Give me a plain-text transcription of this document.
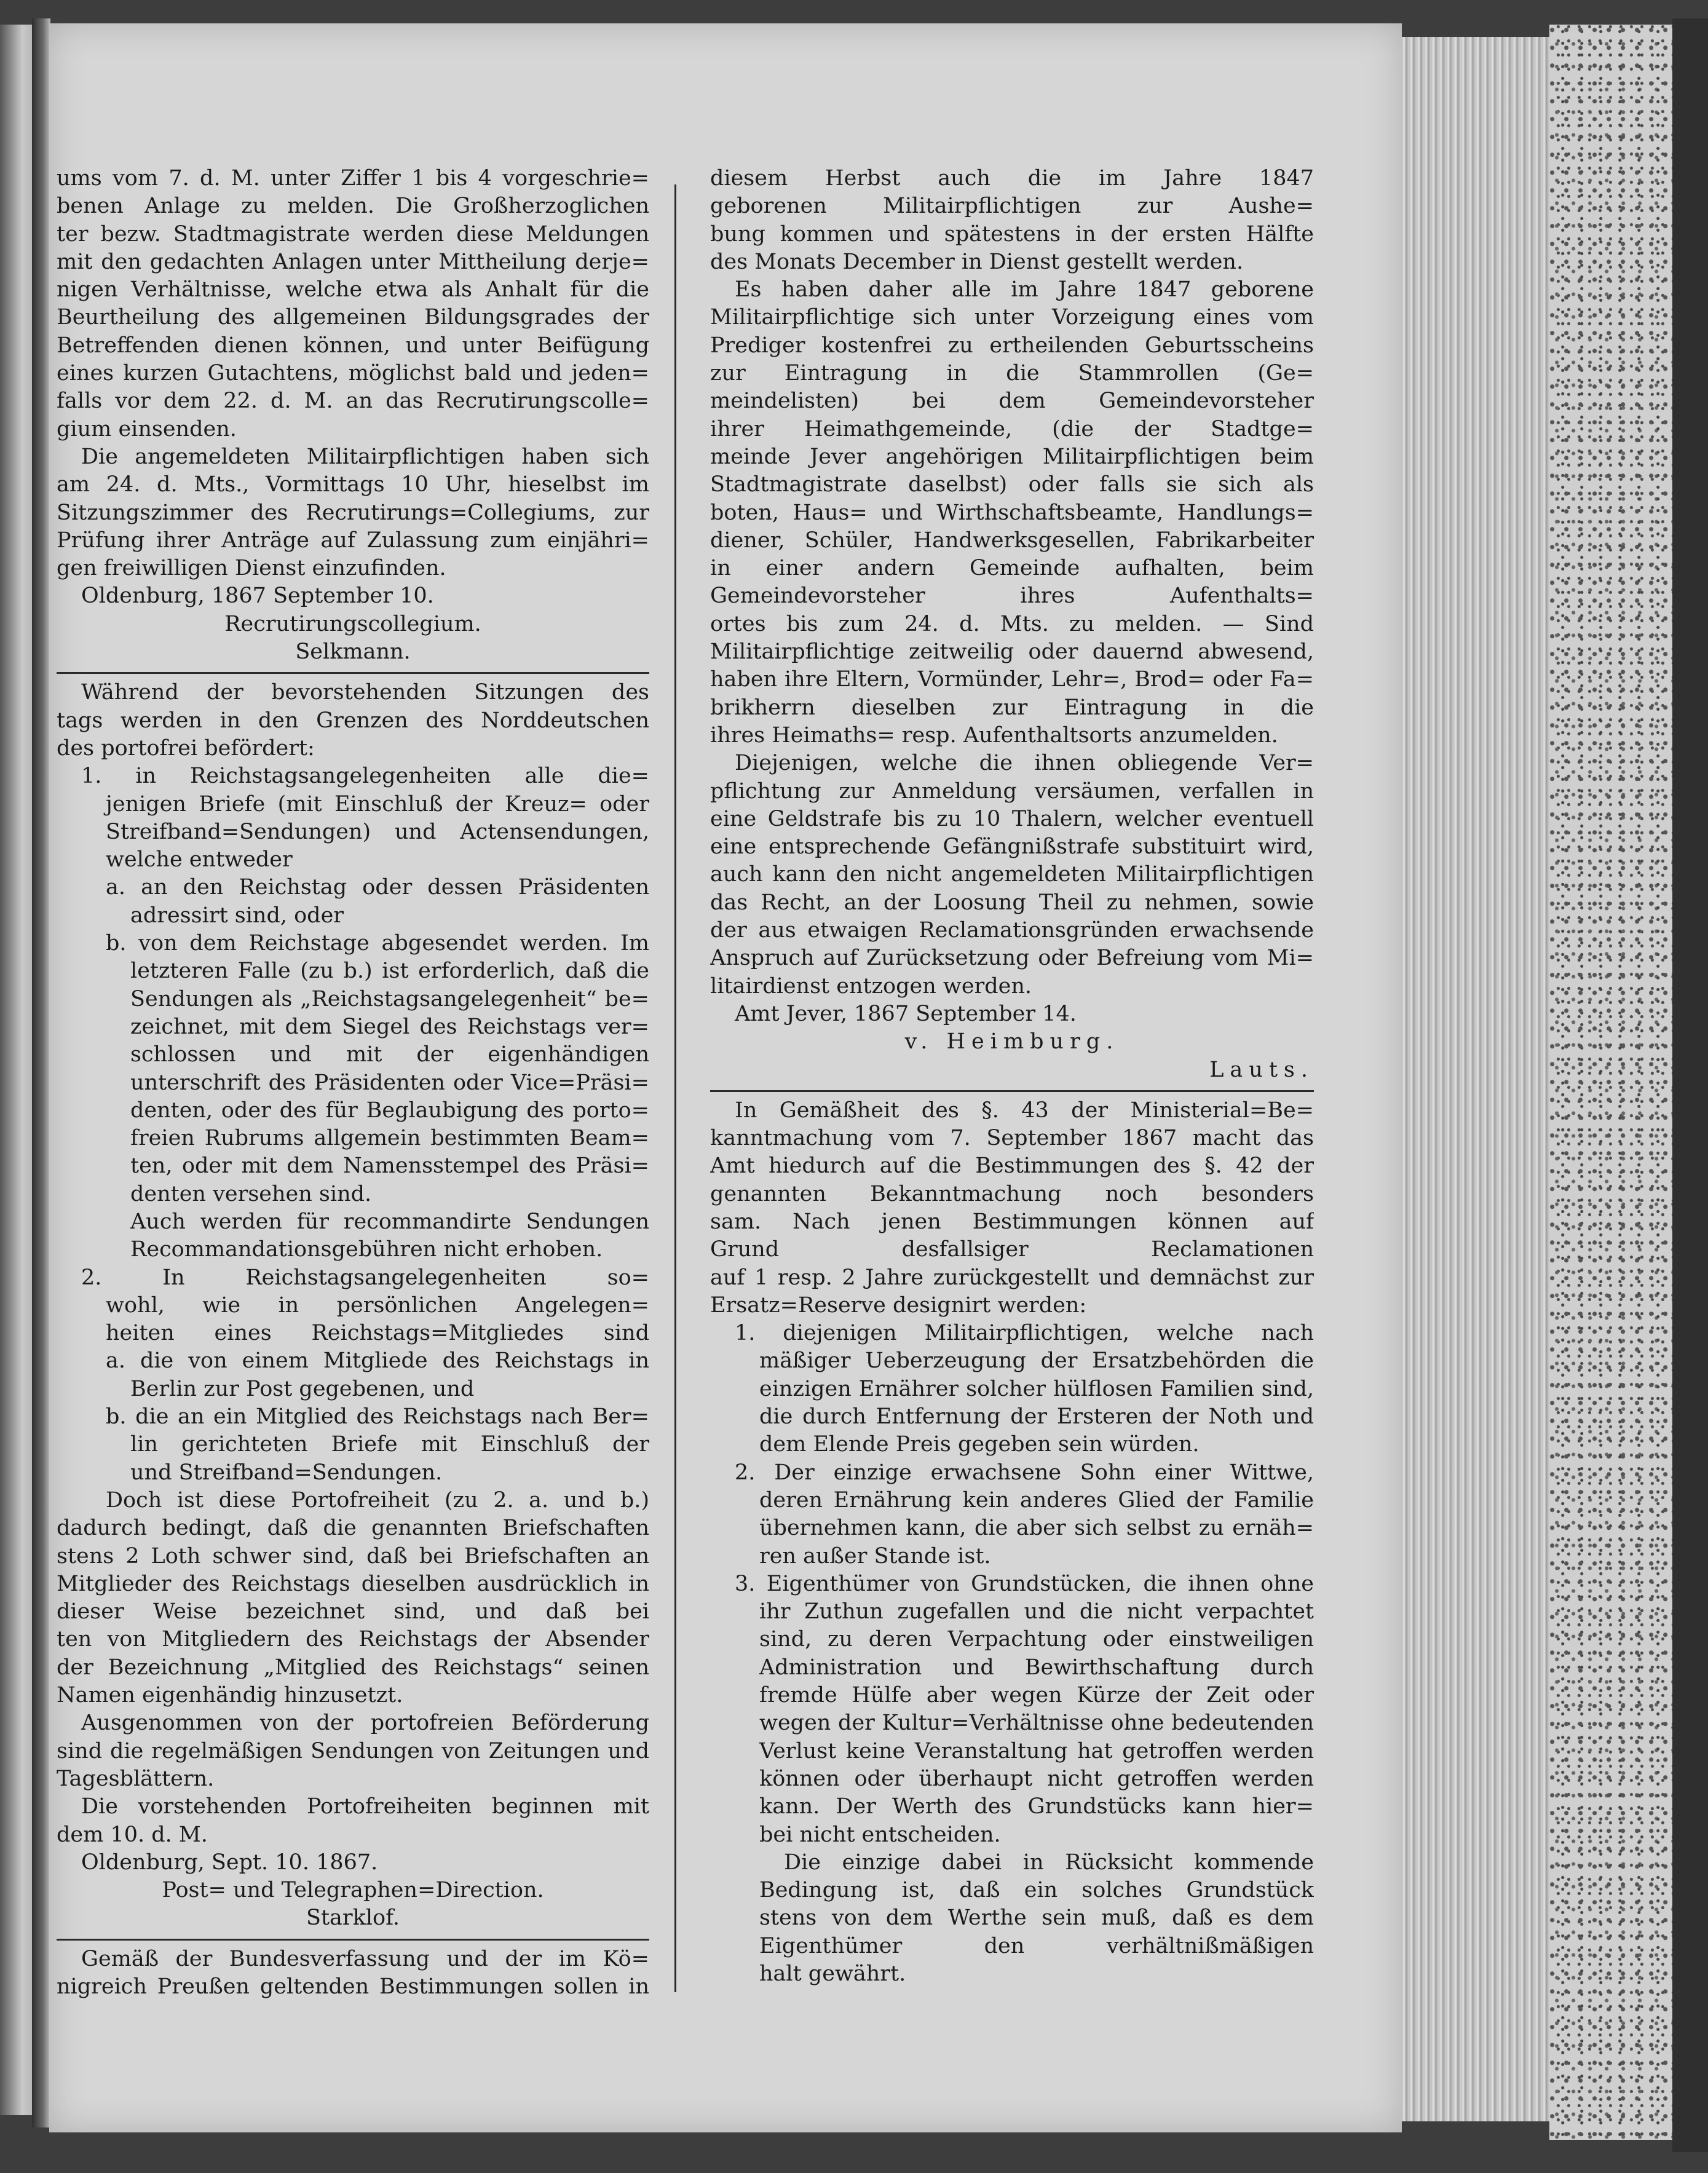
ums vom 7. d. M. unter Ziffer 1 bis 4 vorgeschrie=
benen Anlage zu melden. Die Großherzoglichen
ter bezw. Stadtmagistrate werden diese Meldungen
mit den gedachten Anlagen unter Mittheilung derje=
nigen Verhältnisse, welche etwa als Anhalt für die
Beurtheilung des allgemeinen Bildungsgrades der
Betreffenden dienen können, und unter Beifügung
eines kurzen Gutachtens, möglichst bald und jeden=
falls vor dem 22. d. M. an das Recrutirungscolle=
gium einsenden.
Die angemeldeten Militairpflichtigen haben sich
am 24. d. Mts., Vormittags 10 Uhr, hieselbst im
Sitzungszimmer des Recrutirungs=Collegiums, zur
Prüfung ihrer Anträge auf Zulassung zum einjähri=
gen freiwilligen Dienst einzufinden.
Oldenburg, 1867 September 10.
Recrutirungscollegium.
Selkmann.
Während der bevorstehenden Sitzungen des
tags werden in den Grenzen des Norddeutschen
des portofrei befördert:
1. in Reichstagsangelegenheiten alle die=
jenigen Briefe (mit Einschluß der Kreuz= oder
Streifband=Sendungen) und Actensendungen,
welche entweder
a. an den Reichstag oder dessen Präsidenten
adressirt sind, oder
b. von dem Reichstage abgesendet werden. Im
letzteren Falle (zu b.) ist erforderlich, daß die
Sendungen als „Reichstagsangelegenheit“ be=
zeichnet, mit dem Siegel des Reichstags ver=
schlossen und mit der eigenhändigen
unterschrift des Präsidenten oder Vice=Präsi=
denten, oder des für Beglaubigung des porto=
freien Rubrums allgemein bestimmten Beam=
ten, oder mit dem Namensstempel des Präsi=
denten versehen sind.
Auch werden für recommandirte Sendungen
Recommandationsgebühren nicht erhoben.
2. In Reichstagsangelegenheiten so=
wohl, wie in persönlichen Angelegen=
heiten eines Reichstags=Mitgliedes sind
a. die von einem Mitgliede des Reichstags in
Berlin zur Post gegebenen, und
b. die an ein Mitglied des Reichstags nach Ber=
lin gerichteten Briefe mit Einschluß der
und Streifband=Sendungen.
Doch ist diese Portofreiheit (zu 2. a. und b.)
dadurch bedingt, daß die genannten Briefschaften
stens 2 Loth schwer sind, daß bei Briefschaften an
Mitglieder des Reichstags dieselben ausdrücklich in
dieser Weise bezeichnet sind, und daß bei
ten von Mitgliedern des Reichstags der Absender
der Bezeichnung „Mitglied des Reichstags“ seinen
Namen eigenhändig hinzusetzt.
Ausgenommen von der portofreien Beförderung
sind die regelmäßigen Sendungen von Zeitungen und
Tagesblättern.
Die vorstehenden Portofreiheiten beginnen mit
dem 10. d. M.
Oldenburg, Sept. 10. 1867.
Post= und Telegraphen=Direction.
Starklof.
Gemäß der Bundesverfassung und der im Kö=
nigreich Preußen geltenden Bestimmungen sollen in
diesem Herbst auch die im Jahre 1847
geborenen Militairpflichtigen zur Aushe=
bung kommen und spätestens in der ersten Hälfte
des Monats December in Dienst gestellt werden.
Es haben daher alle im Jahre 1847 geborene
Militairpflichtige sich unter Vorzeigung eines vom
Prediger kostenfrei zu ertheilenden Geburtsscheins
zur Eintragung in die Stammrollen (Ge=
meindelisten) bei dem Gemeindevorsteher
ihrer Heimathgemeinde, (die der Stadtge=
meinde Jever angehörigen Militairpflichtigen beim
Stadtmagistrate daselbst) oder falls sie sich als
boten, Haus= und Wirthschaftsbeamte, Handlungs=
diener, Schüler, Handwerksgesellen, Fabrikarbeiter
in einer andern Gemeinde aufhalten, beim
Gemeindevorsteher ihres Aufenthalts=
ortes bis zum 24. d. Mts. zu melden. — Sind
Militairpflichtige zeitweilig oder dauernd abwesend,
haben ihre Eltern, Vormünder, Lehr=, Brod= oder Fa=
brikherrn dieselben zur Eintragung in die
ihres Heimaths= resp. Aufenthaltsorts anzumelden.
Diejenigen, welche die ihnen obliegende Ver=
pflichtung zur Anmeldung versäumen, verfallen in
eine Geldstrafe bis zu 10 Thalern, welcher eventuell
eine entsprechende Gefängnißstrafe substituirt wird,
auch kann den nicht angemeldeten Militairpflichtigen
das Recht, an der Loosung Theil zu nehmen, sowie
der aus etwaigen Reclamationsgründen erwachsende
Anspruch auf Zurücksetzung oder Befreiung vom Mi=
litairdienst entzogen werden.
Amt Jever, 1867 September 14.
v. Heimburg.
Lauts.
In Gemäßheit des §. 43 der Ministerial=Be=
kanntmachung vom 7. September 1867 macht das
Amt hiedurch auf die Bestimmungen des §. 42 der
genannten Bekanntmachung noch besonders
sam. Nach jenen Bestimmungen können auf
Grund desfallsiger Reclamationen
auf 1 resp. 2 Jahre zurückgestellt und demnächst zur
Ersatz=Reserve designirt werden:
1. diejenigen Militairpflichtigen, welche nach
mäßiger Ueberzeugung der Ersatzbehörden die
einzigen Ernährer solcher hülflosen Familien sind,
die durch Entfernung der Ersteren der Noth und
dem Elende Preis gegeben sein würden.
2. Der einzige erwachsene Sohn einer Wittwe,
deren Ernährung kein anderes Glied der Familie
übernehmen kann, die aber sich selbst zu ernäh=
ren außer Stande ist.
3. Eigenthümer von Grundstücken, die ihnen ohne
ihr Zuthun zugefallen und die nicht verpachtet
sind, zu deren Verpachtung oder einstweiligen
Administration und Bewirthschaftung durch
fremde Hülfe aber wegen Kürze der Zeit oder
wegen der Kultur=Verhältnisse ohne bedeutenden
Verlust keine Veranstaltung hat getroffen werden
können oder überhaupt nicht getroffen werden
kann. Der Werth des Grundstücks kann hier=
bei nicht entscheiden.
Die einzige dabei in Rücksicht kommende
Bedingung ist, daß ein solches Grundstück
stens von dem Werthe sein muß, daß es dem
Eigenthümer den verhältnißmäßigen
halt gewährt.
